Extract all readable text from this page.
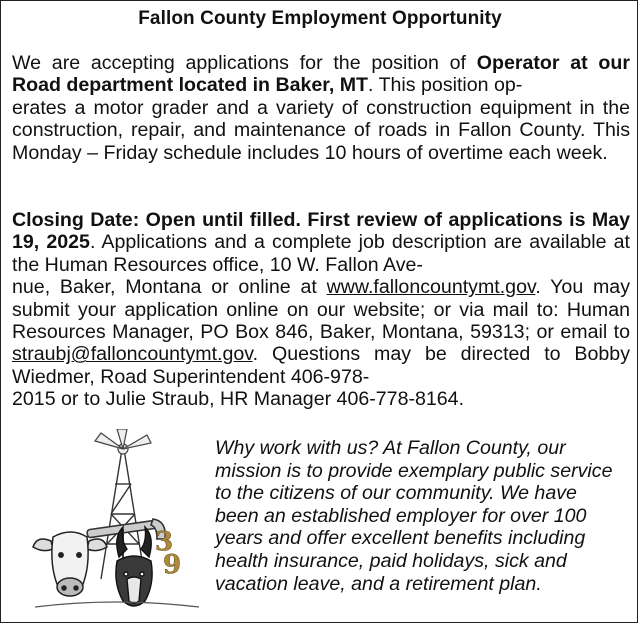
Fallon County Employment Opportunity

We are accepting applications for the position of Operator at our Road department located in Baker, MT. This position op-
erates a motor grader and a variety of construction equipment in the construction, repair, and maintenance of roads in Fallon County. This Monday – Friday schedule includes 10 hours of overtime each week.

Closing Date: Open until filled. First review of applications is May 19, 2025. Applications and a complete job description are available at the Human Resources office, 10 W. Fallon Ave-
nue, Baker, Montana or online at www.falloncountymt.gov. You may submit your application online on our website; or via mail to: Human Resources Manager, PO Box 846, Baker, Montana, 59313; or email to straubj@falloncountymt.gov. Questions may be directed to Bobby Wiedmer, Road Superintendent 406-978-
2015 or to Julie Straub, HR Manager 406-778-8164.

3
9

Why work with us? At Fallon County, our mission is to provide exemplary public service to the citizens of our community. We have been an established employer for over 100 years and offer excellent benefits including health insurance, paid holidays, sick and vacation leave, and a retirement plan.
